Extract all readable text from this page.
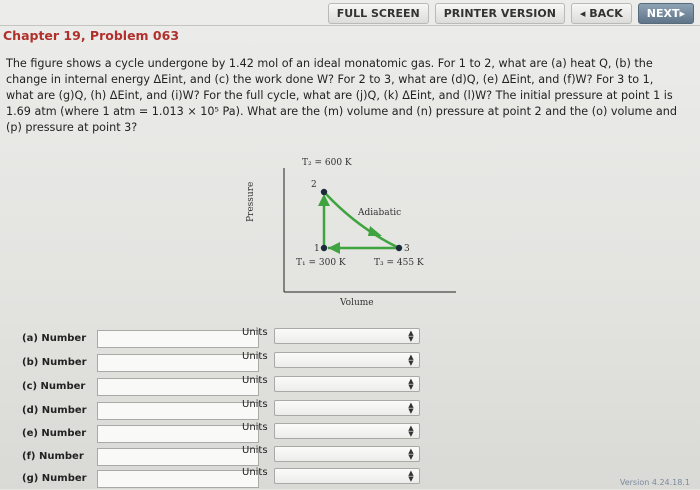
FULL SCREEN	PRINTER VERSION	◂ BACK	NEXT▸
Chapter 19, Problem 063
The figure shows a cycle undergone by 1.42 mol of an ideal monatomic gas. For 1 to 2, what are (a) heat Q, (b) the change in internal energy ΔEint, and (c) the work done W? For 2 to 3, what are (d)Q, (e) ΔEint, and (f)W? For 3 to 1, what are (g)Q, (h) ΔEint, and (i)W? For the full cycle, what are (j)Q, (k) ΔEint, and (l)W? The initial pressure at point 1 is 1.69 atm (where 1 atm = 1.013 × 10⁵ Pa). What are the (m) volume and (n) pressure at point 2 and the (o) volume and (p) pressure at point 3?
T₂ = 600 K
2
Adiabatic
1	3
T₁ = 300 K	T₃ = 455 K
Volume
Pressure
(a) Number
Units	▲
▼
(b) Number
Units	▲
▼
(c) Number
Units	▲
▼
(d) Number
Units	▲
▼
(e) Number
Units	▲
▼
(f) Number
Units	▲
▼
(g) Number
Units	▲
▼	Version 4.24.18.1
